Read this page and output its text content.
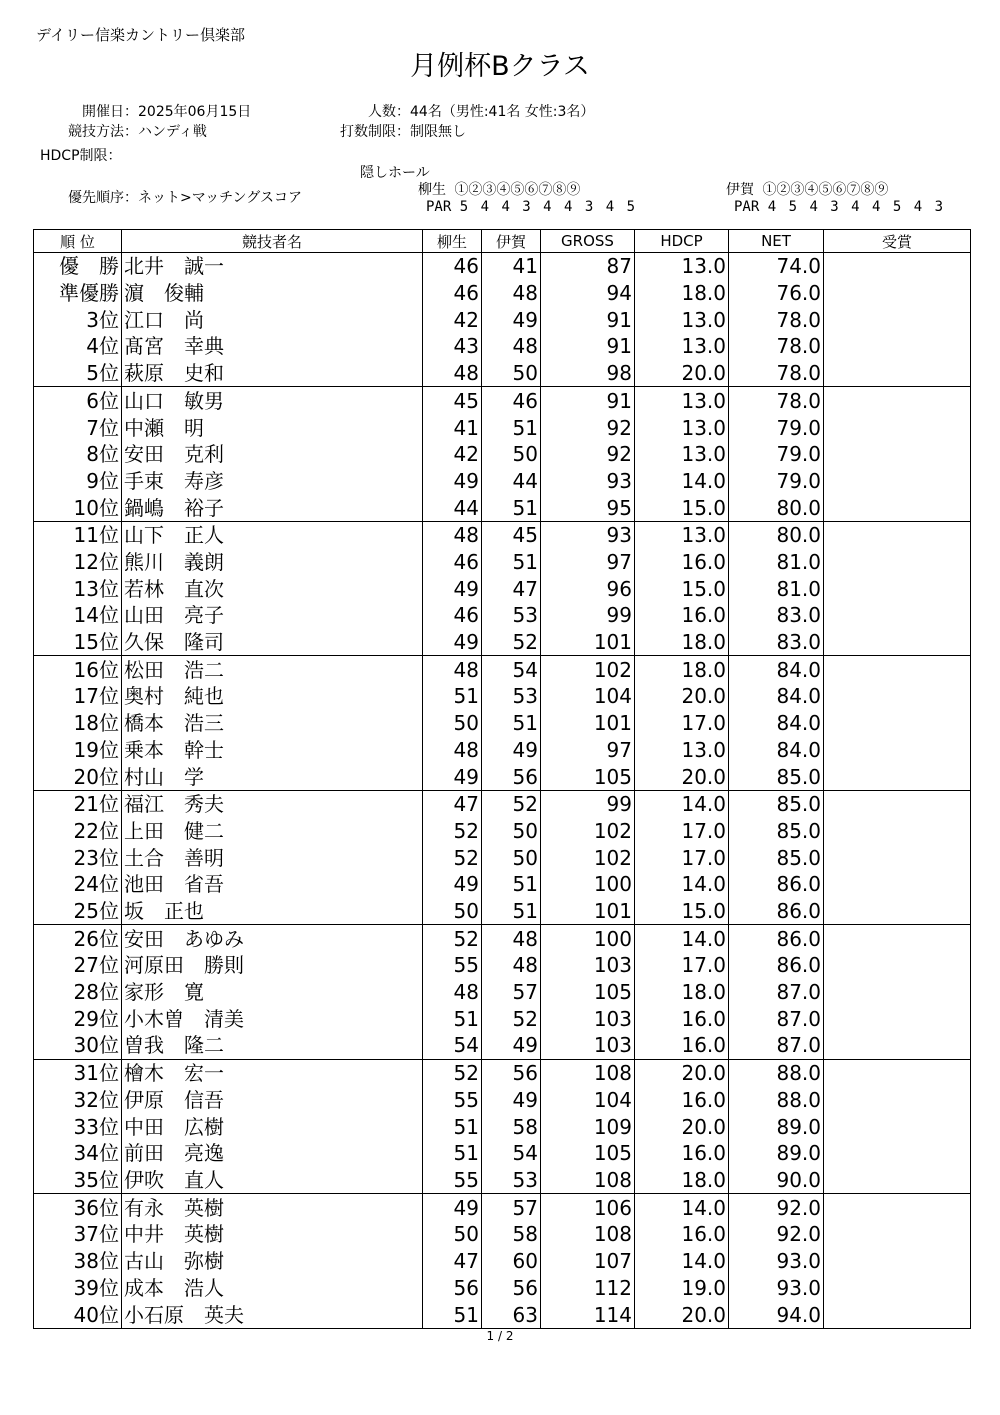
デイリー信楽カントリー倶楽部
月例杯Bクラス
開催日：2025年06月15日
競技方法：ハンディ戦
HDCP制限：
優先順序：ネット>マッチングスコア
人数：44名（男性:41名 女性:3名）
打数制限：制限無し
隠しホール
柳生 ①②③④⑤⑥⑦⑧⑨
PAR 5 4 4 3 4 4 3 4 5
伊賀 ①②③④⑤⑥⑦⑧⑨
PAR 4 5 4 3 4 4 5 4 3
順 位	競技者名	柳生	伊賀	GROSS	HDCP	NET	受賞
優　勝	北井　誠一	46	41	87	13.0	74.0	
準優勝	濵　俊輔	46	48	94	18.0	76.0	
3位	江口　尚	42	49	91	13.0	78.0	
4位	髙宮　幸典	43	48	91	13.0	78.0	
5位	萩原　史和	48	50	98	20.0	78.0	
6位	山口　敏男	45	46	91	13.0	78.0	
7位	中瀬　明	41	51	92	13.0	79.0	
8位	安田　克利	42	50	92	13.0	79.0	
9位	手束　寿彦	49	44	93	14.0	79.0	
10位	鍋嶋　裕子	44	51	95	15.0	80.0	
11位	山下　正人	48	45	93	13.0	80.0	
12位	熊川　義朗	46	51	97	16.0	81.0	
13位	若林　直次	49	47	96	15.0	81.0	
14位	山田　亮子	46	53	99	16.0	83.0	
15位	久保　隆司	49	52	101	18.0	83.0	
16位	松田　浩二	48	54	102	18.0	84.0	
17位	奥村　純也	51	53	104	20.0	84.0	
18位	橋本　浩三	50	51	101	17.0	84.0	
19位	乗本　幹士	48	49	97	13.0	84.0	
20位	村山　学	49	56	105	20.0	85.0	
21位	福江　秀夫	47	52	99	14.0	85.0	
22位	上田　健二	52	50	102	17.0	85.0	
23位	土合　善明	52	50	102	17.0	85.0	
24位	池田　省吾	49	51	100	14.0	86.0	
25位	坂　正也	50	51	101	15.0	86.0	
26位	安田　あゆみ	52	48	100	14.0	86.0	
27位	河原田　勝則	55	48	103	17.0	86.0	
28位	家形　寛	48	57	105	18.0	87.0	
29位	小木曽　清美	51	52	103	16.0	87.0	
30位	曽我　隆二	54	49	103	16.0	87.0	
31位	檜木　宏一	52	56	108	20.0	88.0	
32位	伊原　信吾	55	49	104	16.0	88.0	
33位	中田　広樹	51	58	109	20.0	89.0	
34位	前田　亮逸	51	54	105	16.0	89.0	
35位	伊吹　直人	55	53	108	18.0	90.0	
36位	有永　英樹	49	57	106	14.0	92.0	
37位	中井　英樹	50	58	108	16.0	92.0	
38位	古山　弥樹	47	60	107	14.0	93.0	
39位	成本　浩人	56	56	112	19.0	93.0	
40位	小石原　英夫	51	63	114	20.0	94.0	
1 / 2
